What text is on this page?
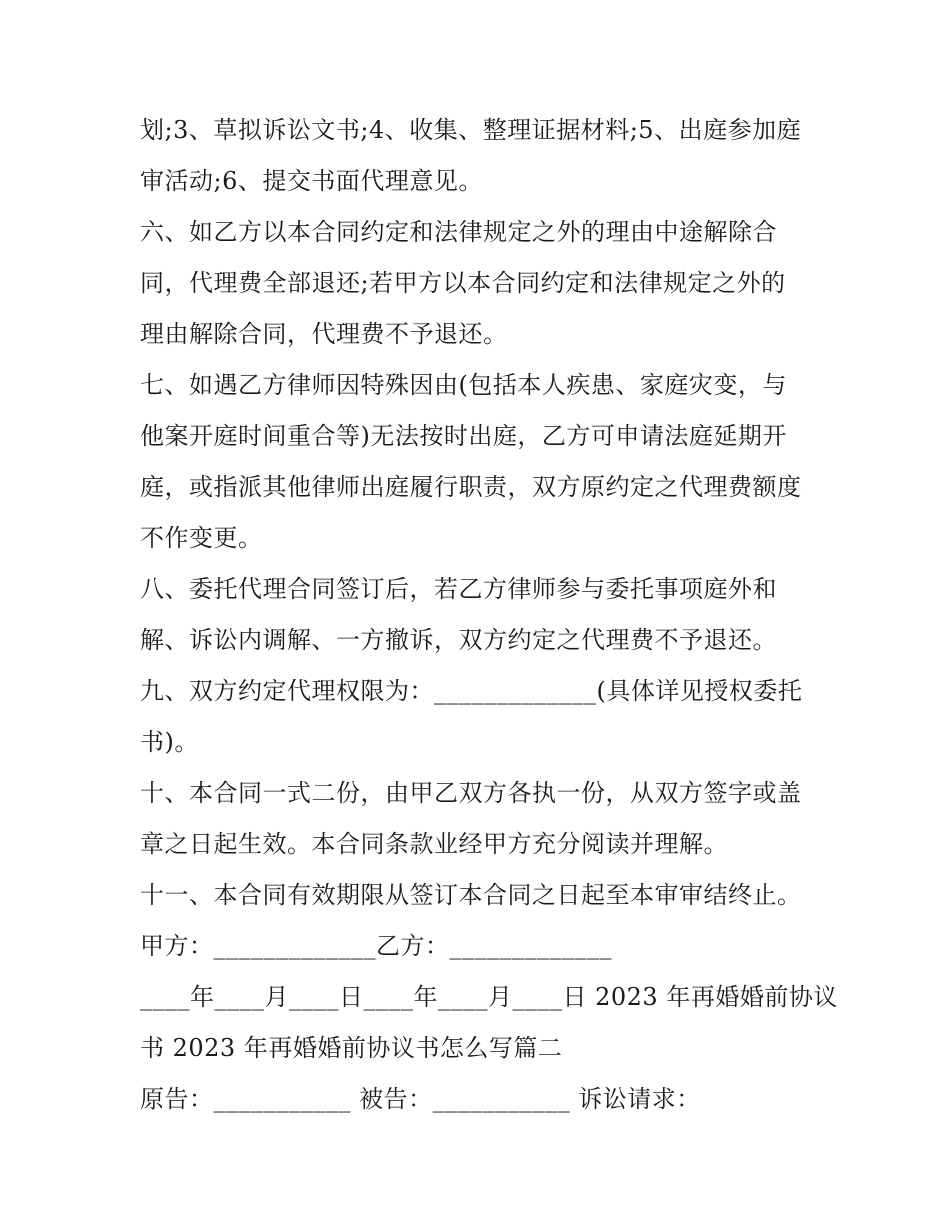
划;3、草拟诉讼文书;4、收集、整理证据材料;5、出庭参加庭
审活动;6、提交书面代理意见。
六、如乙方以本合同约定和法律规定之外的理由中途解除合
同，代理费全部退还;若甲方以本合同约定和法律规定之外的
理由解除合同，代理费不予退还。
七、如遇乙方律师因特殊因由(包括本人疾患、家庭灾变，与
他案开庭时间重合等)无法按时出庭，乙方可申请法庭延期开
庭，或指派其他律师出庭履行职责，双方原约定之代理费额度
不作变更。
八、委托代理合同签订后，若乙方律师参与委托事项庭外和
解、诉讼内调解、一方撤诉，双方约定之代理费不予退还。
九、双方约定代理权限为：_____________(具体详见授权委托
书)。
十、本合同一式二份，由甲乙双方各执一份，从双方签字或盖
章之日起生效。本合同条款业经甲方充分阅读并理解。
十一、本合同有效期限从签订本合同之日起至本审审结终止。
甲方：_____________乙方：_____________
____年____月____日____年____月____日 2023 年再婚婚前协议
书 2023 年再婚婚前协议书怎么写篇二
原告：___________ 被告：___________ 诉讼请求：
